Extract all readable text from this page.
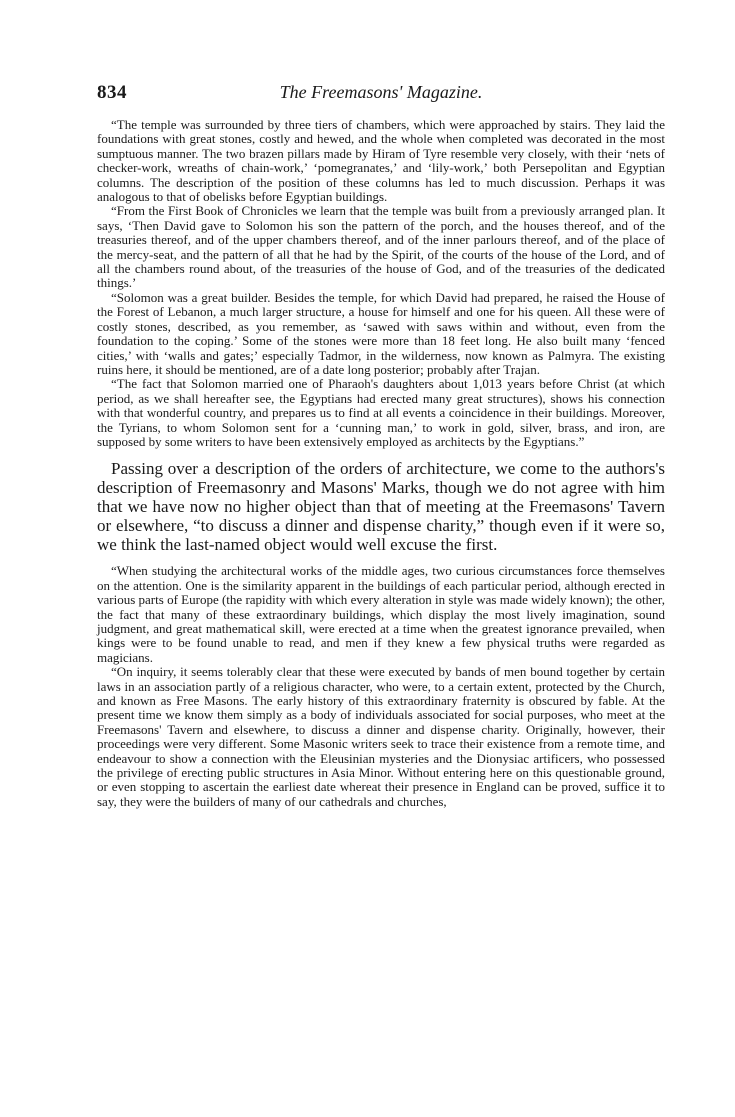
834	The Freemasons' Magazine.

“The temple was surrounded by three tiers of chambers, which were approached by stairs. They laid the foundations with great stones, costly and hewed, and the whole when completed was decorated in the most sumptuous manner. The two brazen pillars made by Hiram of Tyre resemble very closely, with their ‘nets of checker-work, wreaths of chain-work,’ ‘pomegranates,’ and ‘lily-work,’ both Persepolitan and Egyptian columns. The description of the position of these columns has led to much discussion. Perhaps it was analogous to that of obelisks before Egyptian buildings.

“From the First Book of Chronicles we learn that the temple was built from a previously arranged plan. It says, ‘Then David gave to Solomon his son the pattern of the porch, and the houses thereof, and of the treasuries thereof, and of the upper chambers thereof, and of the inner parlours thereof, and of the place of the mercy-seat, and the pattern of all that he had by the Spirit, of the courts of the house of the Lord, and of all the chambers round about, of the treasuries of the house of God, and of the treasuries of the dedicated things.’

“Solomon was a great builder. Besides the temple, for which David had prepared, he raised the House of the Forest of Lebanon, a much larger structure, a house for himself and one for his queen. All these were of costly stones, described, as you remember, as ‘sawed with saws within and without, even from the foundation to the coping.’ Some of the stones were more than 18 feet long. He also built many ‘fenced cities,’ with ‘walls and gates;’ especially Tadmor, in the wilderness, now known as Palmyra. The existing ruins here, it should be mentioned, are of a date long posterior; probably after Trajan.

“The fact that Solomon married one of Pharaoh's daughters about 1,013 years before Christ (at which period, as we shall hereafter see, the Egyptians had erected many great structures), shows his connection with that wonderful country, and prepares us to find at all events a coincidence in their buildings. Moreover, the Tyrians, to whom Solomon sent for a ‘cunning man,’ to work in gold, silver, brass, and iron, are supposed by some writers to have been extensively employed as architects by the Egyptians.”

Passing over a description of the orders of architecture, we come to the authors's description of Freemasonry and Masons' Marks, though we do not agree with him that we have now no higher object than that of meeting at the Freemasons' Tavern or elsewhere, “to discuss a dinner and dispense charity,” though even if it were so, we think the last-named object would well excuse the first.

“When studying the architectural works of the middle ages, two curious circumstances force themselves on the attention. One is the similarity apparent in the buildings of each particular period, although erected in various parts of Europe (the rapidity with which every alteration in style was made widely known); the other, the fact that many of these extraordinary buildings, which display the most lively imagination, sound judgment, and great mathematical skill, were erected at a time when the greatest ignorance prevailed, when kings were to be found unable to read, and men if they knew a few physical truths were regarded as magicians.

“On inquiry, it seems tolerably clear that these were executed by bands of men bound together by certain laws in an association partly of a religious character, who were, to a certain extent, protected by the Church, and known as Free Masons. The early history of this extraordinary fraternity is obscured by fable. At the present time we know them simply as a body of individuals associated for social purposes, who meet at the Freemasons' Tavern and elsewhere, to discuss a dinner and dispense charity. Originally, however, their proceedings were very different. Some Masonic writers seek to trace their existence from a remote time, and endeavour to show a connection with the Eleusinian mysteries and the Dionysiac artificers, who possessed the privilege of erecting public structures in Asia Minor. Without entering here on this questionable ground, or even stopping to ascertain the earliest date whereat their presence in England can be proved, suffice it to say, they were the builders of many of our cathedrals and churches,
